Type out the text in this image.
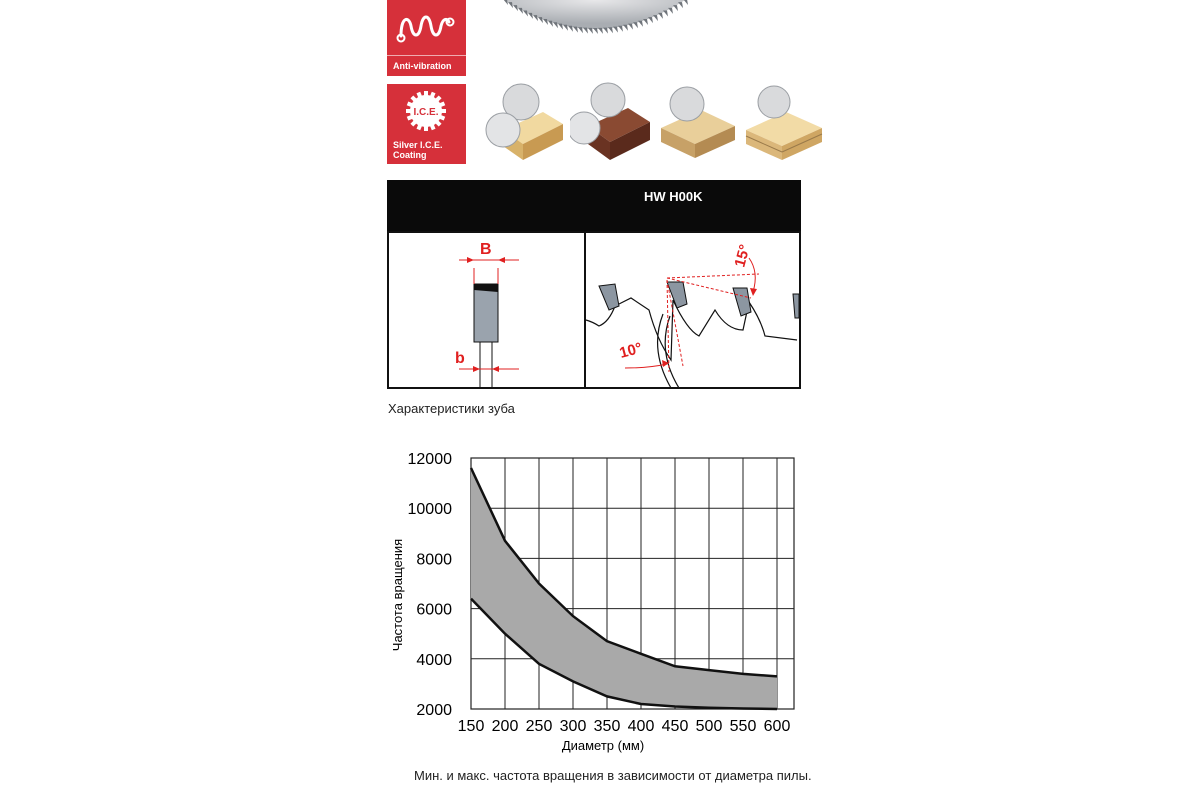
Anti-vibration
I.C.E.
Silver I.C.E.
Coating
HW H00K
B
b
15°
10°
Характеристики зуба
2000
4000
6000
8000
10000
12000
150 200 250 300 350 400 450 500 550 600
Частота вращения
Диаметр (мм)
Мин. и макс. частота вращения в зависимости от диаметра пилы.
